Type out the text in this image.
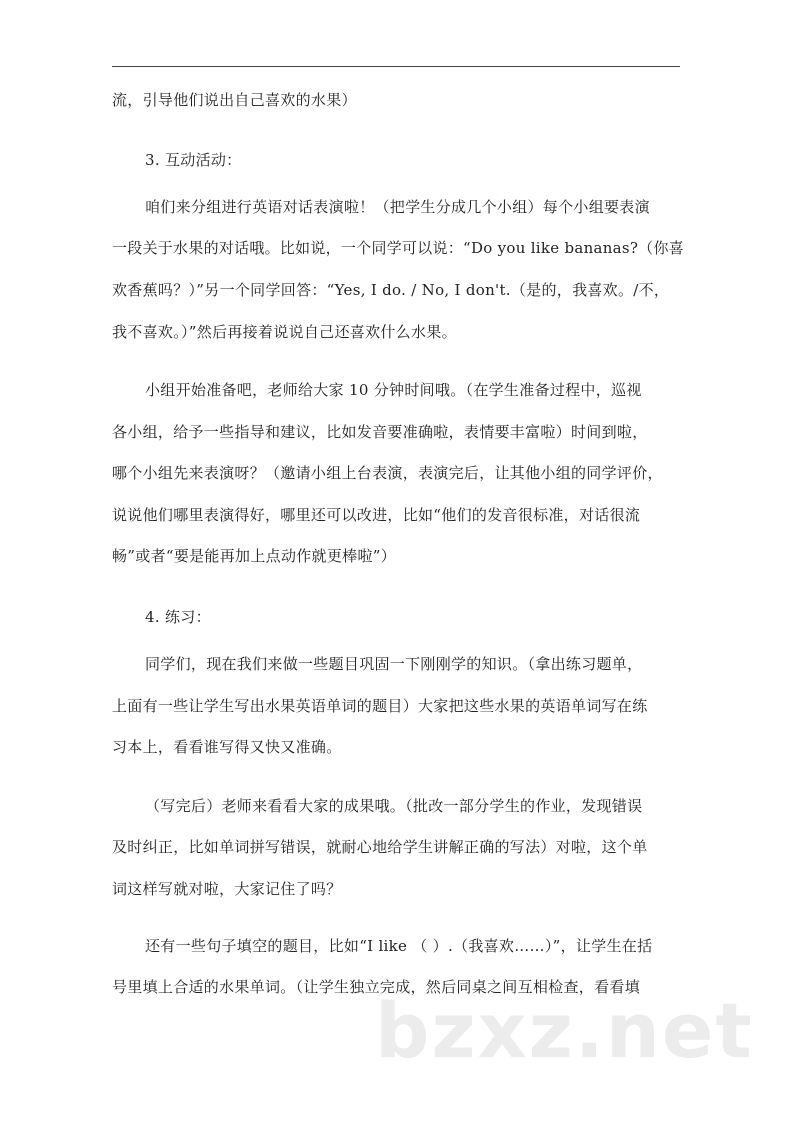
流，引导他们说出自己喜欢的水果）
3. 互动活动：
咱们来分组进行英语对话表演啦！（把学生分成几个小组）每个小组要表演
一段关于水果的对话哦。比如说，一个同学可以说：“Do you like bananas?（你喜
欢香蕉吗？）”另一个同学回答：“Yes, I do. / No, I don't.（是的，我喜欢。/不，
我不喜欢。）”然后再接着说说自己还喜欢什么水果。
小组开始准备吧，老师给大家 10 分钟时间哦。（在学生准备过程中，巡视
各小组，给予一些指导和建议，比如发音要准确啦，表情要丰富啦）时间到啦，
哪个小组先来表演呀？（邀请小组上台表演，表演完后，让其他小组的同学评价，
说说他们哪里表演得好，哪里还可以改进，比如“他们的发音很标准，对话很流
畅”或者“要是能再加上点动作就更棒啦”）
4. 练习：
同学们，现在我们来做一些题目巩固一下刚刚学的知识。（拿出练习题单，
上面有一些让学生写出水果英语单词的题目）大家把这些水果的英语单词写在练
习本上，看看谁写得又快又准确。
（写完后）老师来看看大家的成果哦。（批改一部分学生的作业，发现错误
及时纠正，比如单词拼写错误，就耐心地给学生讲解正确的写法）对啦，这个单
词这样写就对啦，大家记住了吗？
还有一些句子填空的题目，比如“I like （ ）.（我喜欢……）”，让学生在括
号里填上合适的水果单词。（让学生独立完成，然后同桌之间互相检查，看看填
bzxz.net
